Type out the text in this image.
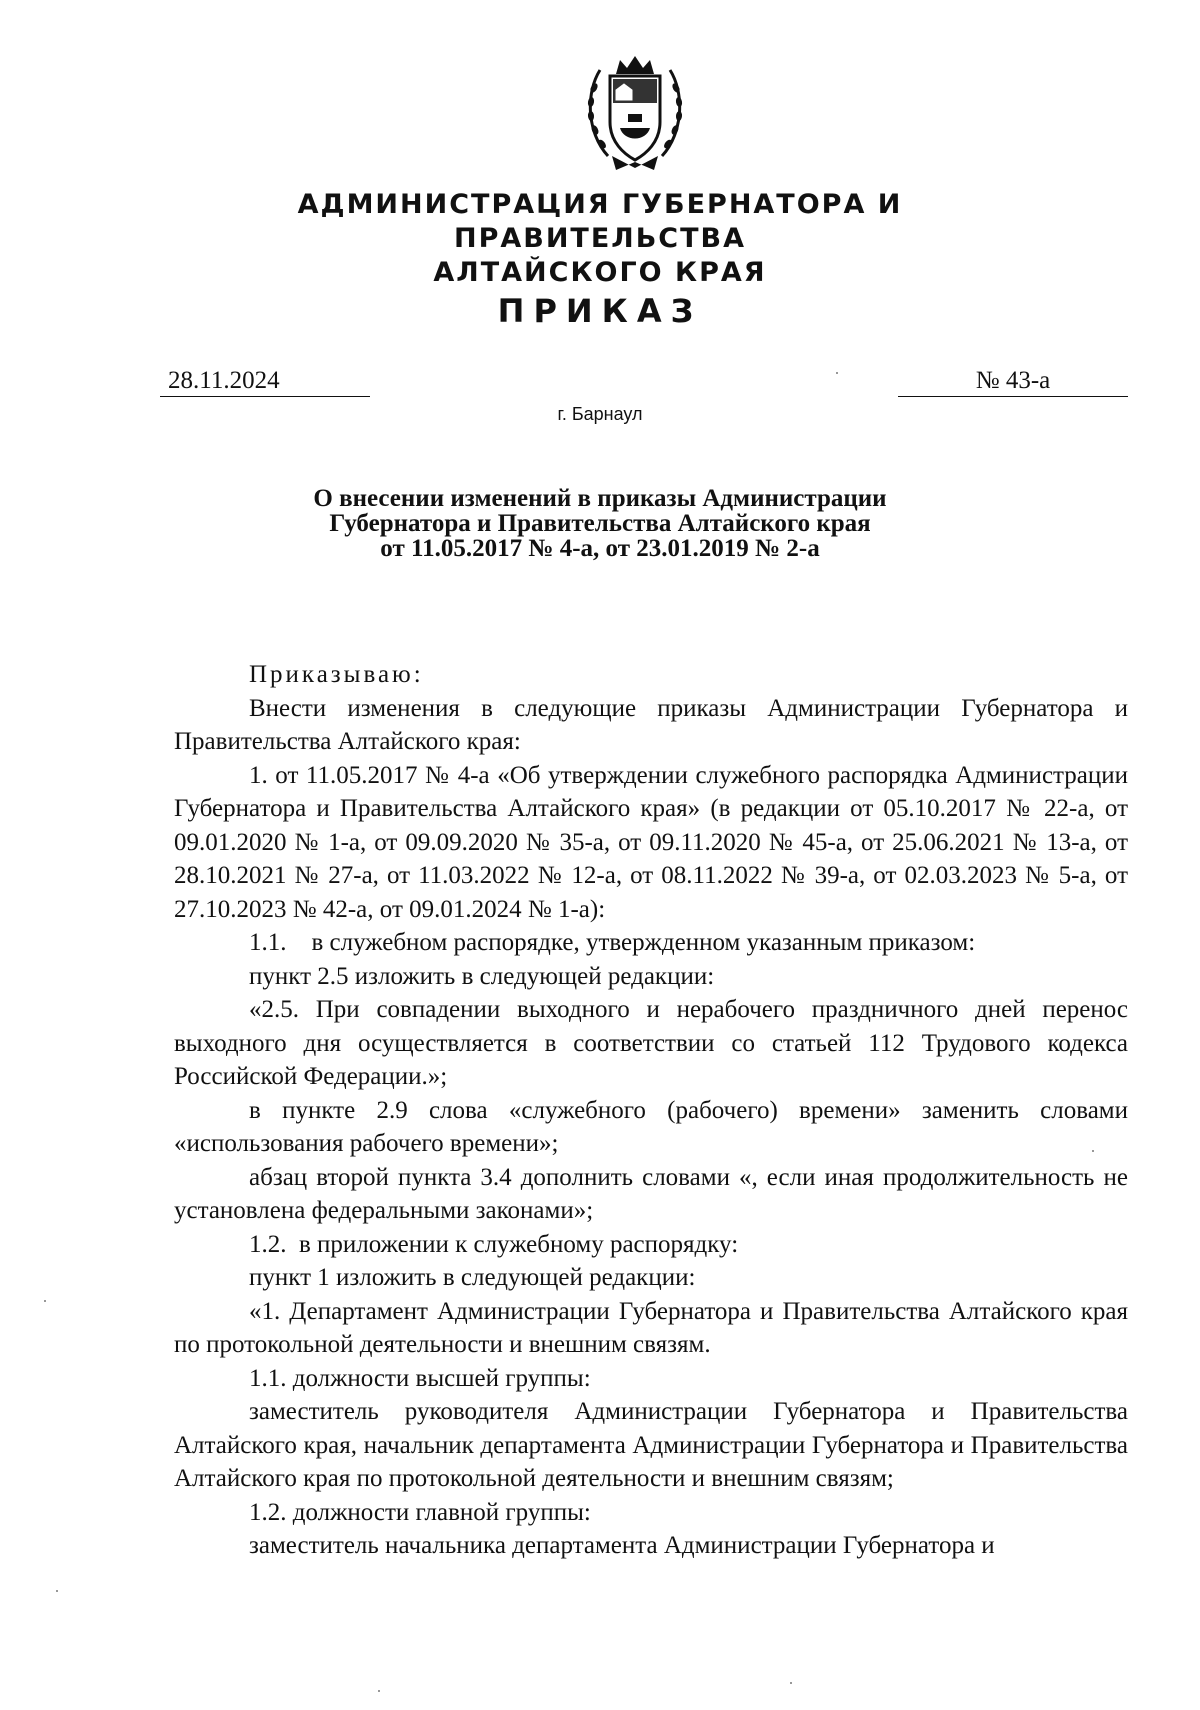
АДМИНИСТРАЦИЯ ГУБЕРНАТОРА И ПРАВИТЕЛЬСТВА
АЛТАЙСКОГО КРАЯ
ПРИКАЗ
28.11.2024	№ 43-а
г. Барнаул
О внесении изменений в приказы Администрации
Губернатора и Правительства Алтайского края
от 11.05.2017 № 4-а, от 23.01.2019 № 2-а

Приказываю:

Внести изменения в следующие приказы Администрации Губернатора и Правительства Алтайского края:

1. от 11.05.2017 № 4-а «Об утверждении служебного распорядка Администрации Губернатора и Правительства Алтайского края» (в редакции от 05.10.2017 № 22-а, от 09.01.2020 № 1-а, от 09.09.2020 № 35-а, от 09.11.2020 № 45-а, от 25.06.2021 № 13-а, от 28.10.2021 № 27-а, от 11.03.2022 № 12-а, от 08.11.2022 № 39-а, от 02.03.2023 № 5-а, от 27.10.2023 № 42-а, от 09.01.2024 № 1-а):

1.1.    в служебном распорядке, утвержденном указанным приказом:

пункт 2.5 изложить в следующей редакции:

«2.5. При совпадении выходного и нерабочего праздничного дней перенос выходного дня осуществляется в соответствии со статьей 112 Трудового кодекса Российской Федерации.»;

в пункте 2.9 слова «служебного (рабочего) времени» заменить словами «использования рабочего времени»;

абзац второй пункта 3.4 дополнить словами «, если иная продолжительность не установлена федеральными законами»;

1.2.  в приложении к служебному распорядку:

пункт 1 изложить в следующей редакции:

«1. Департамент Администрации Губернатора и Правительства Алтайского края по протокольной деятельности и внешним связям.

1.1. должности высшей группы:

заместитель руководителя Администрации Губернатора и Правительства Алтайского края, начальник департамента Администрации Губернатора и Правительства Алтайского края по протокольной деятельности и внешним связям;

1.2. должности главной группы:

заместитель начальника департамента Администрации Губернатора и
